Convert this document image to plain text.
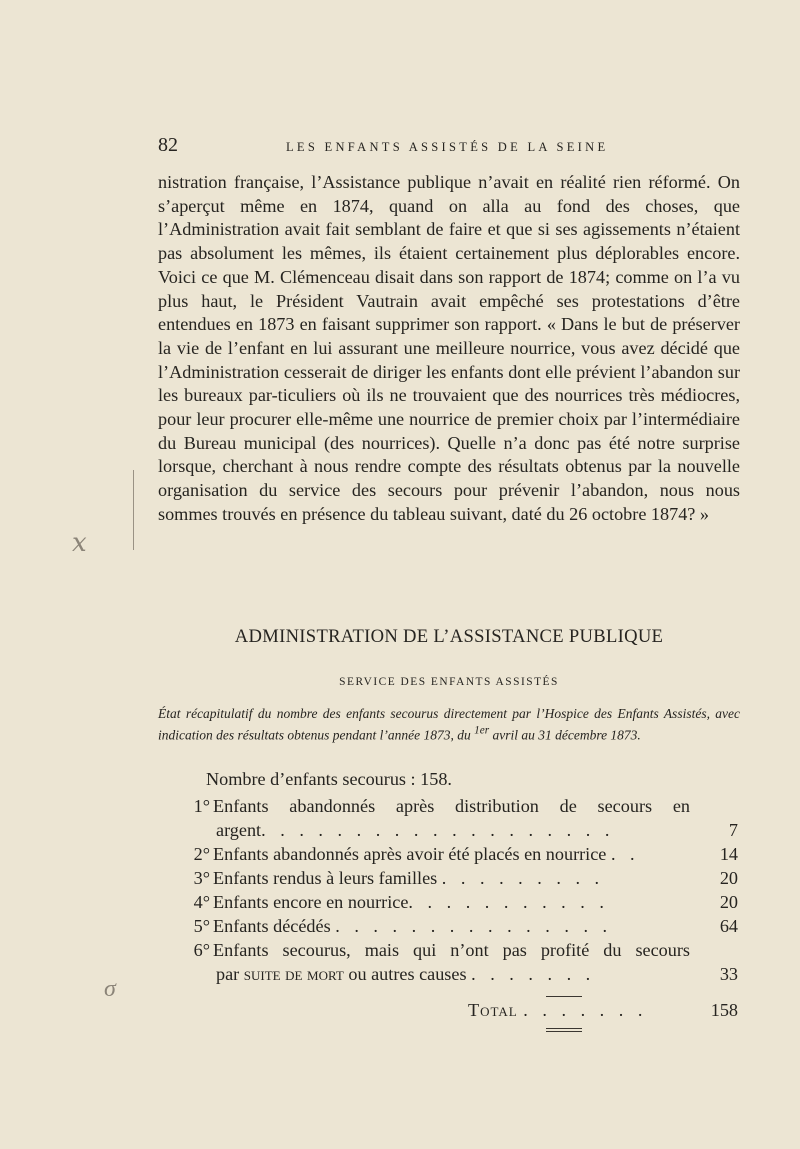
82	LES ENFANTS ASSISTÉS DE LA SEINE

nistration française, l’Assistance publique n’avait en réalité rien réformé. On s’aperçut même en 1874, quand on alla au fond des choses, que l’Administration avait fait semblant de faire et que si ses agissements n’étaient pas absolument les mêmes, ils étaient certainement plus déplorables encore. Voici ce que M. Clémenceau disait dans son rapport de 1874; comme on l’a vu plus haut, le Président Vautrain avait empêché ses protestations d’être entendues en 1873 en faisant supprimer son rapport. « Dans le but de préserver la vie de l’enfant en lui assurant une meilleure nourrice, vous avez décidé que l’Administration cesserait de diriger les enfants dont elle prévient l’abandon sur les bureaux par-ticuliers où ils ne trouvaient que des nourrices très médiocres, pour leur procurer elle-même une nourrice de premier choix par l’intermédiaire du Bureau municipal (des nourrices). Quelle n’a donc pas été notre surprise lorsque, cherchant à nous rendre compte des résultats obtenus par la nouvelle organisation du service des secours pour prévenir l’abandon, nous nous sommes trouvés en présence du tableau suivant, daté du 26 octobre 1874? »

ADMINISTRATION DE L’ASSISTANCE PUBLIQUE
SERVICE DES ENFANTS ASSISTÉS
État récapitulatif du nombre des enfants secourus directement par l’Hospice des Enfants Assistés, avec indication des résultats obtenus pendant l’année 1873, du $^{1er}$ avril au 31 décembre 1873.
Nombre d’enfants secourus : 158.
1° Enfants abandonnés après distribution de secours en
argent. . . . . . . . . . . . . . . . . . .	7
2° Enfants abandonnés après avoir été placés en nourrice . .	14
3° Enfants rendus à leurs familles . . . . . . . . .	20
4° Enfants encore en nourrice. . . . . . . . . . .	20
5° Enfants décédés . . . . . . . . . . . . . . .	64
6° Enfants secourus, mais qui n’ont pas profité du secours
par suite de mort ou autres causes . . . . . . .	33
Total . . . . . . .	158
ⅹ
σ
